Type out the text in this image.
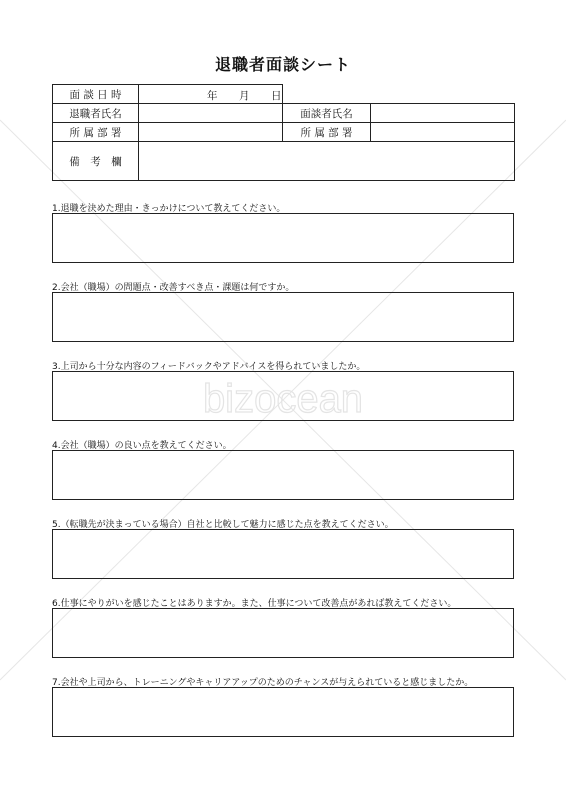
bizocean
退職者面談シート
面 談 日 時	年 月 日		

退職者氏名		面談者氏名	
所 属 部 署		所 属 部 署	
備　考　欄			
1.退職を決めた理由・きっかけについて教えてください。
2.会社（職場）の問題点・改善すべき点・課題は何ですか。
3.上司から十分な内容のフィードバックやアドバイスを得られていましたか。
4.会社（職場）の良い点を教えてください。
5.（転職先が決まっている場合）自社と比較して魅力に感じた点を教えてください。
6.仕事にやりがいを感じたことはありますか。また、仕事について改善点があれば教えてください。
7.会社や上司から、トレーニングやキャリアアップのためのチャンスが与えられていると感じましたか。
